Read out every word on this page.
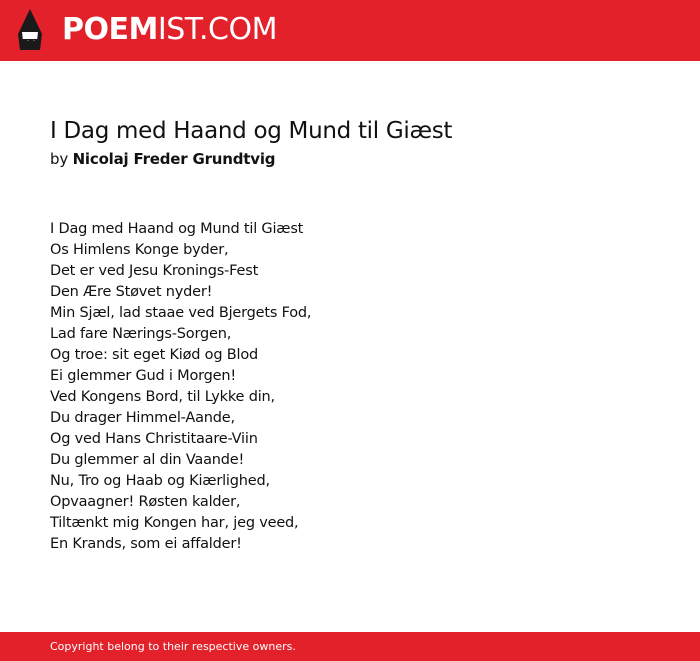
POEMIST.COM
I Dag med Haand og Mund til Giæst
by Nicolaj Freder Grundtvig
I Dag med Haand og Mund til Giæst
Os Himlens Konge byder,
Det er ved Jesu Kronings-Fest
Den Ære Støvet nyder!
Min Sjæl, lad staae ved Bjergets Fod,
Lad fare Nærings-Sorgen,
Og troe: sit eget Kiød og Blod
Ei glemmer Gud i Morgen!
Ved Kongens Bord, til Lykke din,
Du drager Himmel-Aande,
Og ved Hans Christitaare-Viin
Du glemmer al din Vaande!
Nu, Tro og Haab og Kiærlighed,
Opvaagner! Røsten kalder,
Tiltænkt mig Kongen har, jeg veed,
En Krands, som ei affalder!
Copyright belong to their respective owners.
